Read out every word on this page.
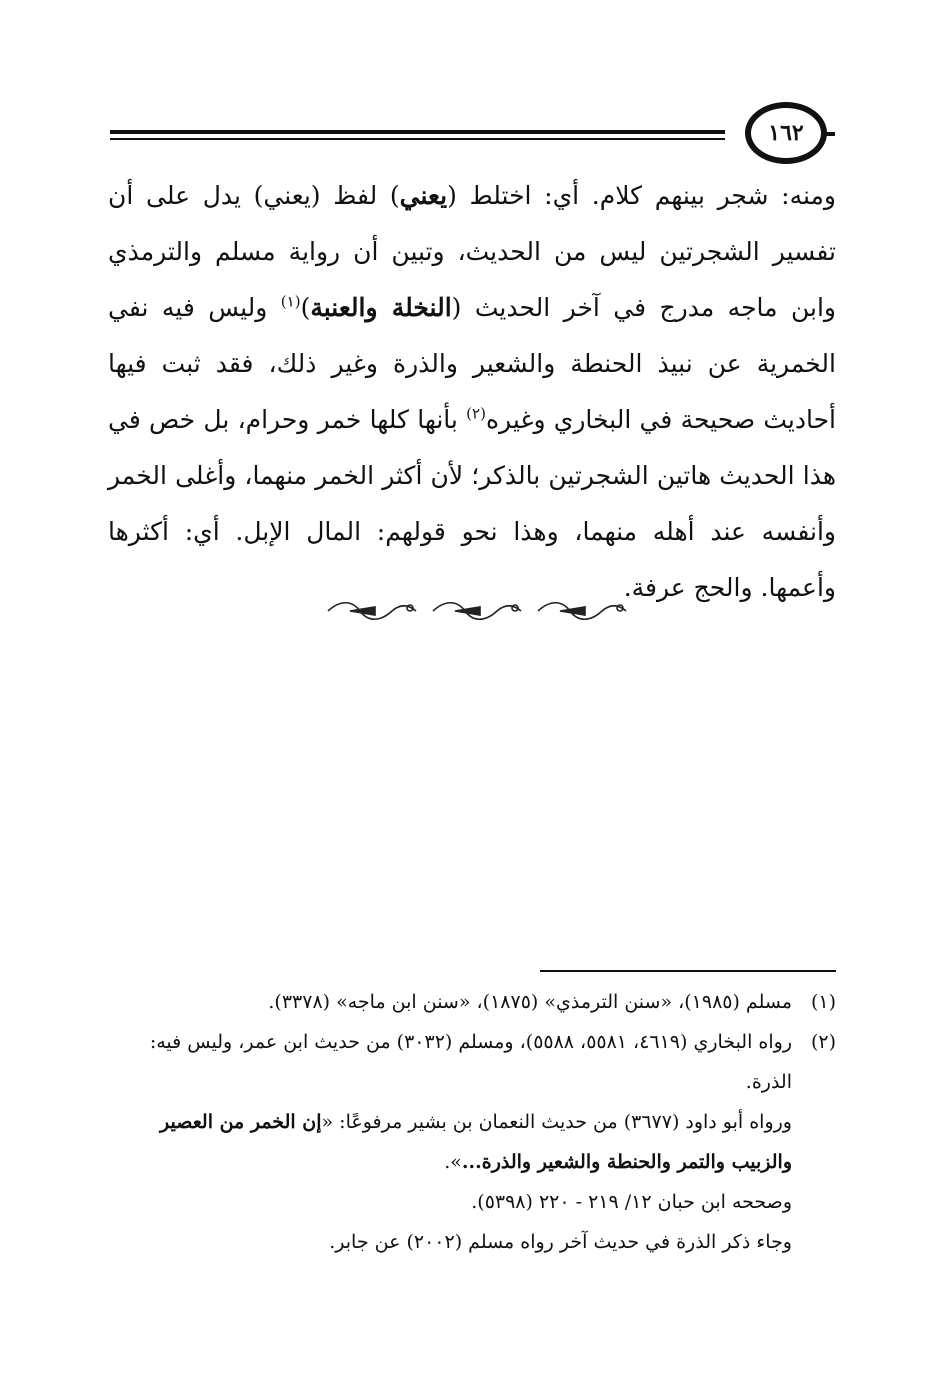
١٦٢

ومنه: شجر بينهم كلام. أي: اختلط (يعني) لفظ (يعني) يدل على أن تفسير الشجرتين ليس من الحديث، وتبين أن رواية مسلم والترمذي وابن ماجه مدرج في آخر الحديث (النخلة والعنبة)$^{(١)}$ وليس فيه نفي الخمرية عن نبيذ الحنطة والشعير والذرة وغير ذلك، فقد ثبت فيها أحاديث صحيحة في البخاري وغيره$^{(٢)}$ بأنها كلها خمر وحرام، بل خص في هذا الحديث هاتين الشجرتين بالذكر؛ لأن أكثر الخمر منهما، وأغلى الخمر وأنفسه عند أهله منهما، وهذا نحو قولهم: المال الإبل. أي: أكثرها وأعمها. والحج عرفة.

(١)
مسلم (١٩٨٥)، «سنن الترمذي» (١٨٧٥)، «سنن ابن ماجه» (٣٣٧٨).
(٢)
رواه البخاري (٤٦١٩، ٥٥٨١، ٥٥٨٨)، ومسلم (٣٠٣٢) من حديث ابن عمر، وليس فيه: الذرة.
ورواه أبو داود (٣٦٧٧) من حديث النعمان بن بشير مرفوعًا: «إن الخمر من العصير والزبيب والتمر والحنطة والشعير والذرة...».
وصححه ابن حبان ١٢/ ٢١٩ - ٢٢٠ (٥٣٩٨).
وجاء ذكر الذرة في حديث آخر رواه مسلم (٢٠٠٢) عن جابر.
